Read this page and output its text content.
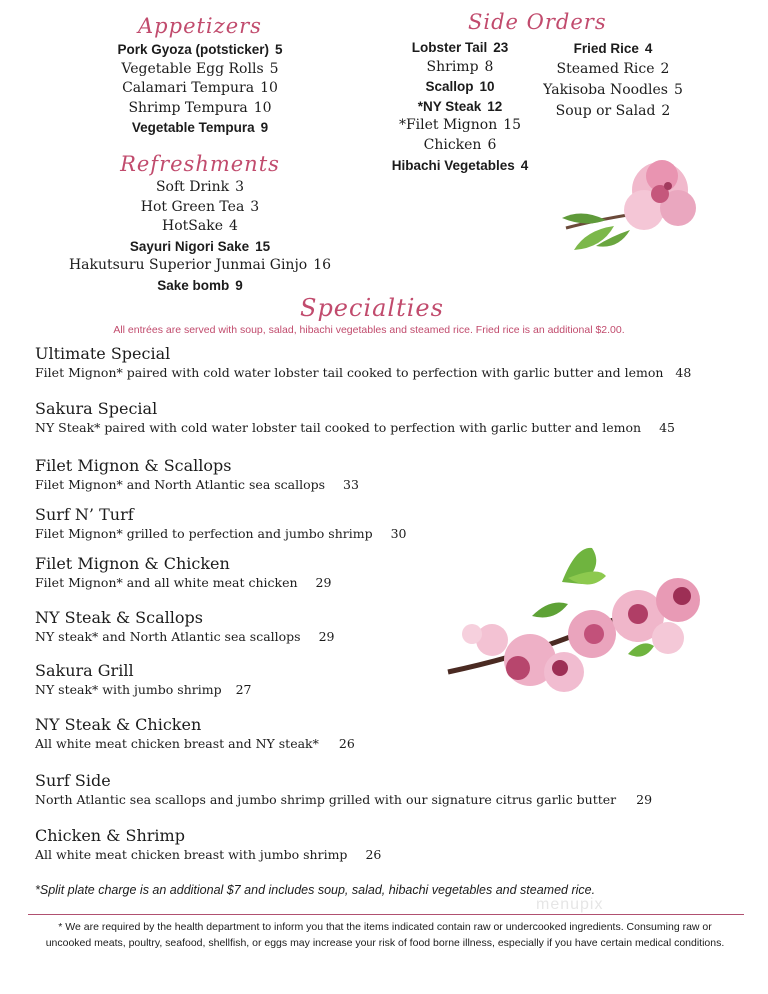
Appetizers
Pork Gyoza (potsticker) 5
Vegetable Egg Rolls 5
Calamari Tempura 10
Shrimp Tempura 10
Vegetable Tempura 9
Refreshments
Soft Drink 3
Hot Green Tea 3
HotSake 4
Sayuri Nigori Sake 15
Hakutsuru Superior Junmai Ginjo 16
Sake bomb 9
Side Orders
Lobster Tail 23
Shrimp 8
Scallop 10
*NY Steak 12
*Filet Mignon 15
Chicken 6
Hibachi Vegetables 4
Fried Rice 4
Steamed Rice 2
Yakisoba Noodles 5
Soup or Salad 2
Specialties
All entrées are served with soup, salad, hibachi vegetables and steamed rice. Fried rice is an additional $2.00.
Ultimate Special
Filet Mignon* paired with cold water lobster tail cooked to perfection with garlic butter and lemon 48
Sakura Special
NY Steak* paired with cold water lobster tail cooked to perfection with garlic butter and lemon 45
Filet Mignon & Scallops
Filet Mignon* and North Atlantic sea scallops 33
Surf N’ Turf
Filet Mignon* grilled to perfection and jumbo shrimp 30
Filet Mignon & Chicken
Filet Mignon* and all white meat chicken 29
NY Steak & Scallops
NY steak* and North Atlantic sea scallops 29
Sakura Grill
NY steak* with jumbo shrimp 27
NY Steak & Chicken
All white meat chicken breast and NY steak* 26
Surf Side
North Atlantic sea scallops and jumbo shrimp grilled with our signature citrus garlic butter 29
Chicken & Shrimp
All white meat chicken breast with jumbo shrimp 26
*Split plate charge is an additional $7 and includes soup, salad, hibachi vegetables and steamed rice.
menupix
* We are required by the health department to inform you that the items indicated contain raw or undercooked ingredients. Consuming raw or
uncooked meats, poultry, seafood, shellfish, or eggs may increase your risk of food borne illness, especially if you have certain medical conditions.
